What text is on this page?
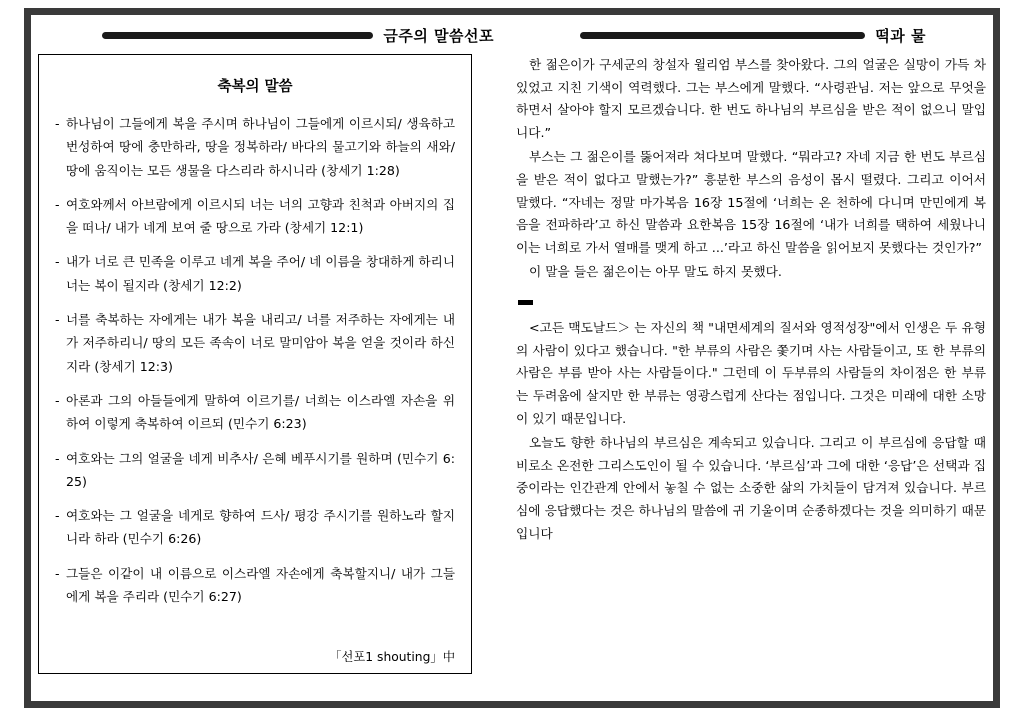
금주의 말씀선포
축복의 말씀
- 하나님이 그들에게 복을 주시며 하나님이 그들에게 이르시되/ 생육하고 번성하여 땅에 충만하라, 땅을 정복하라/ 바다의 물고기와 하늘의 새와/ 땅에 움직이는 모든 생물을 다스리라 하시니라 (창세기 1:28)
- 여호와께서 아브람에게 이르시되 너는 너의 고향과 친척과 아버지의 집을 떠나/ 내가 네게 보여 줄 땅으로 가라 (창세기 12:1)
- 내가 너로 큰 민족을 이루고 네게 복을 주어/ 네 이름을 창대하게 하리니 너는 복이 될지라 (창세기 12:2)
- 너를 축복하는 자에게는 내가 복을 내리고/ 너를 저주하는 자에게는 내가 저주하리니/ 땅의 모든 족속이 너로 말미암아 복을 얻을 것이라 하신지라 (창세기 12:3)
- 아론과 그의 아들들에게 말하여 이르기를/ 너희는 이스라엘 자손을 위하여 이렇게 축복하여 이르되 (민수기 6:23)
- 여호와는 그의 얼굴을 네게 비추사/ 은혜 베푸시기를 원하며 (민수기 6:25)
- 여호와는 그 얼굴을 네게로 향하여 드사/ 평강 주시기를 원하노라 할지니라 하라 (민수기 6:26)
- 그들은 이같이 내 이름으로 이스라엘 자손에게 축복할지니/ 내가 그들에게 복을 주리라 (민수기 6:27)
「선포1 shouting」中
떡과 물

한 젊은이가 구세군의 창설자 윌리엄 부스를 찾아왔다. 그의 얼굴은 실망이 가득 차 있었고 지친 기색이 역력했다. 그는 부스에게 말했다. “사령관님. 저는 앞으로 무엇을 하면서 살아야 할지 모르겠습니다. 한 번도 하나님의 부르심을 받은 적이 없으니 말입니다.”

부스는 그 젊은이를 뚫어져라 쳐다보며 말했다. “뭐라고? 자네 지금 한 번도 부르심을 받은 적이 없다고 말했는가?” 흥분한 부스의 음성이 몹시 떨렸다. 그리고 이어서 말했다. “자네는 정말 마가복음 16장 15절에 ‘너희는 온 천하에 다니며 만민에게 복음을 전파하라’고 하신 말씀과 요한복음 15장 16절에 ‘내가 너희를 택하여 세웠나니 이는 너희로 가서 열매를 맺게 하고 ...’라고 하신 말씀을 읽어보지 못했다는 것인가?”

이 말을 들은 젊은이는 아무 말도 하지 못했다.

<고든 맥도날드＞ 는 자신의 책 "내면세계의 질서와 영적성장"에서 인생은 두 유형의 사람이 있다고 했습니다. "한 부류의 사람은 쫓기며 사는 사람들이고, 또 한 부류의 사람은 부름 받아 사는 사람들이다." 그런데 이 두부류의 사람들의 차이점은 한 부류는 두려움에 살지만 한 부류는 영광스럽게 산다는 점입니다. 그것은 미래에 대한 소망이 있기 때문입니다.

오늘도 향한 하나님의 부르심은 계속되고 있습니다. 그리고 이 부르심에 응답할 때 비로소 온전한 그리스도인이 될 수 있습니다. ‘부르심’과 그에 대한 ‘응답’은 선택과 집중이라는 인간관계 안에서 놓칠 수 없는 소중한 삶의 가치들이 담겨져 있습니다. 부르심에 응답했다는 것은 하나님의 말씀에 귀 기울이며 순종하겠다는 것을 의미하기 때문입니다
